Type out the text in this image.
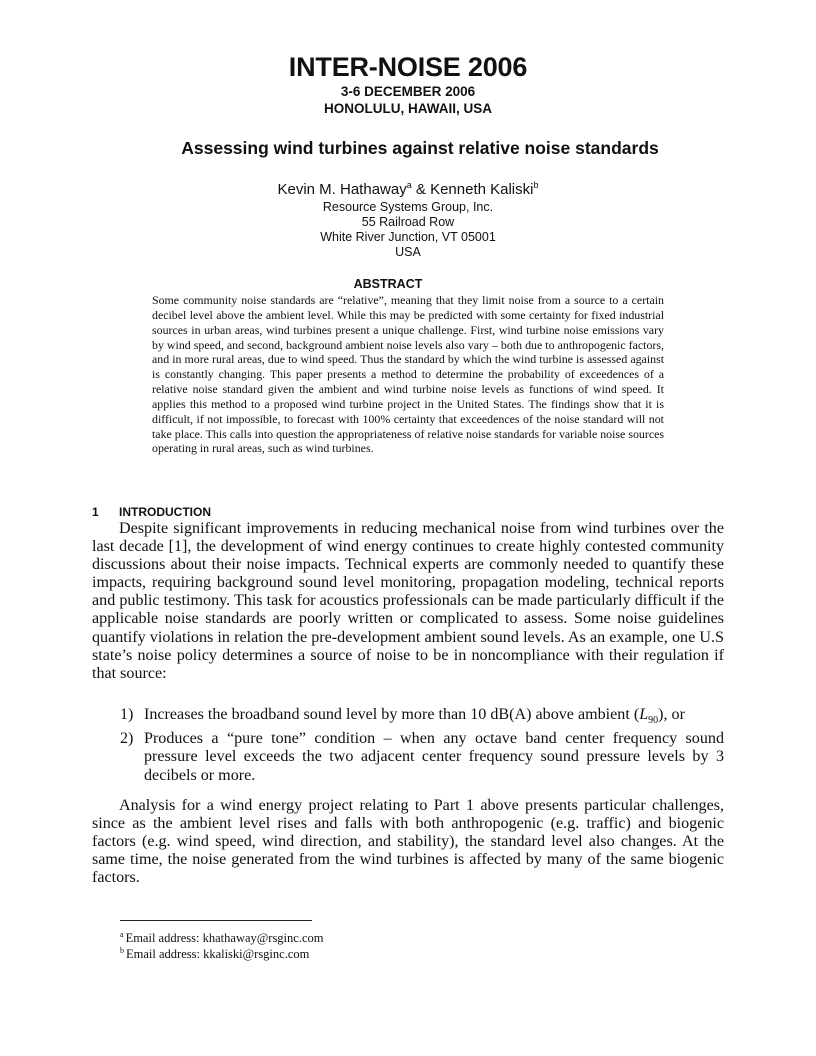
INTER-NOISE 2006
3-6 DECEMBER 2006
HONOLULU, HAWAII, USA
Assessing wind turbines against relative noise standards
Kevin M. Hathaway$^a$ & Kenneth Kaliski$^b$
Resource Systems Group, Inc.
55 Railroad Row
White River Junction, VT 05001
USA
ABSTRACT
Some community noise standards are “relative”, meaning that they limit noise from a source to a certain decibel level above the ambient level. While this may be predicted with some certainty for fixed industrial sources in urban areas, wind turbines present a unique challenge. First, wind turbine noise emissions vary by wind speed, and second, background ambient noise levels also vary – both due to anthropogenic factors, and in more rural areas, due to wind speed. Thus the standard by which the wind turbine is assessed against is constantly changing. This paper presents a method to determine the probability of exceedences of a relative noise standard given the ambient and wind turbine noise levels as functions of wind speed. It applies this method to a proposed wind turbine project in the United States. The findings show that it is difficult, if not impossible, to forecast with 100% certainty that exceedences of the noise standard will not take place. This calls into question the appropriateness of relative noise standards for variable noise sources operating in rural areas, such as wind turbines.
1 INTRODUCTION
Despite significant improvements in reducing mechanical noise from wind turbines over the last decade [1], the development of wind energy continues to create highly contested community discussions about their noise impacts. Technical experts are commonly needed to quantify these impacts, requiring background sound level monitoring, propagation modeling, technical reports and public testimony. This task for acoustics professionals can be made particularly difficult if the applicable noise standards are poorly written or complicated to assess. Some noise guidelines quantify violations in relation the pre-development ambient sound levels. As an example, one U.S state’s noise policy determines a source of noise to be in noncompliance with their regulation if that source:
1) Increases the broadband sound level by more than 10 dB(A) above ambient $(L_{90})$, or
2) Produces a “pure tone” condition – when any octave band center frequency sound pressure level exceeds the two adjacent center frequency sound pressure levels by 3 decibels or more.
Analysis for a wind energy project relating to Part 1 above presents particular challenges, since as the ambient level rises and falls with both anthropogenic (e.g. traffic) and biogenic factors (e.g. wind speed, wind direction, and stability), the standard level also changes. At the same time, the noise generated from the wind turbines is affected by many of the same biogenic factors.
$^a$ Email address: khathaway@rsginc.com
$^b$ Email address: kkaliski@rsginc.com
